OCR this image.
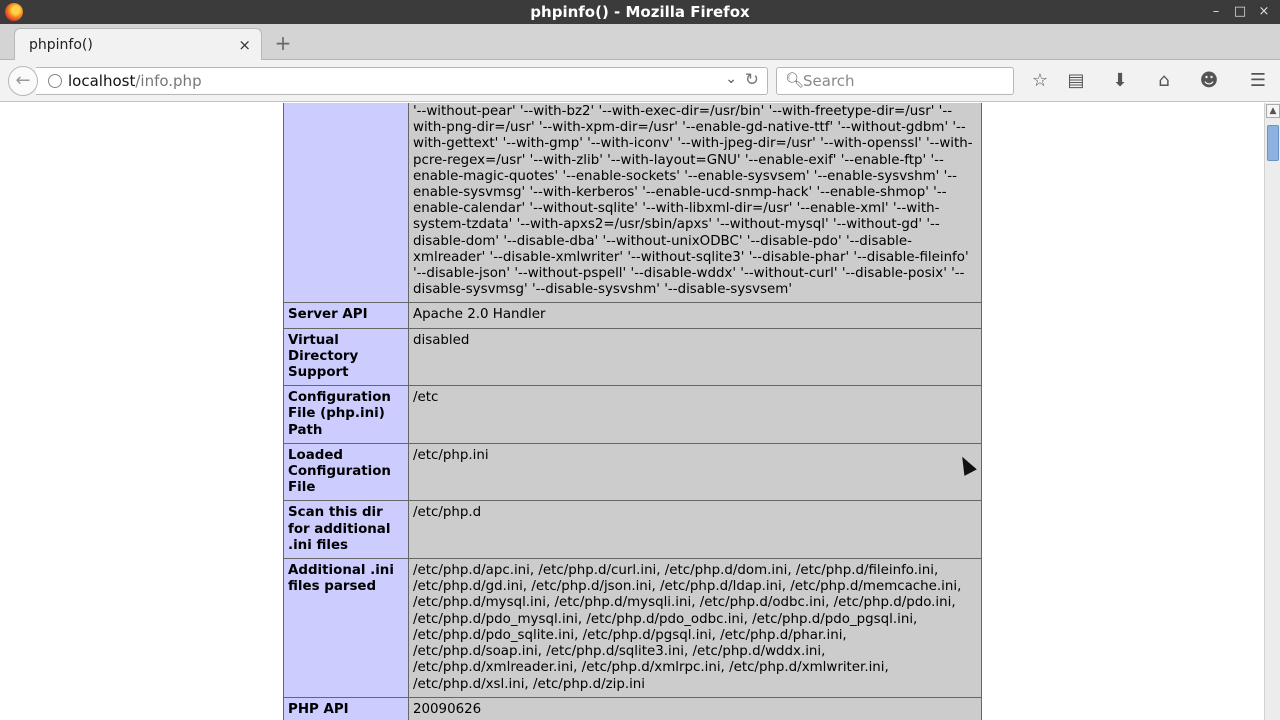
phpinfo() - Mozilla Firefox	–	□ ×
phpinfo()	× +
localhost/info.php	⌄ ↻
←	🔍︎
Search	☆ ▤ ⬇	⌂	☻ ☰
	'--without-pear' '--with-bz2' '--with-exec-dir=/usr/bin' '--with-freetype-dir=/usr' '--with-png-dir=/usr' '--with-xpm-dir=/usr' '--enable-gd-native-ttf' '--without-gdbm' '--with-gettext' '--with-gmp' '--with-iconv' '--with-jpeg-dir=/usr' '--with-openssl' '--with-pcre-regex=/usr' '--with-zlib' '--with-layout=GNU' '--enable-exif' '--enable-ftp' '--enable-magic-quotes' '--enable-sockets' '--enable-sysvsem' '--enable-sysvshm' '--enable-sysvmsg' '--with-kerberos' '--enable-ucd-snmp-hack' '--enable-shmop' '--enable-calendar' '--without-sqlite' '--with-libxml-dir=/usr' '--enable-xml' '--with-system-tzdata' '--with-apxs2=/usr/sbin/apxs' '--without-mysql' '--without-gd' '--disable-dom' '--disable-dba' '--without-unixODBC' '--disable-pdo' '--disable-xmlreader' '--disable-xmlwriter' '--without-sqlite3' '--disable-phar' '--disable-fileinfo' '--disable-json' '--without-pspell' '--disable-wddx' '--without-curl' '--disable-posix' '--disable-sysvmsg' '--disable-sysvshm' '--disable-sysvsem'
Server API	Apache 2.0 Handler
Virtual Directory Support	disabled
Configuration File (php.ini) Path	/etc
Loaded Configuration File	/etc/php.ini
Scan this dir for additional .ini files	/etc/php.d
Additional .ini files parsed	/etc/php.d/apc.ini, /etc/php.d/curl.ini, /etc/php.d/dom.ini, /etc/php.d/fileinfo.ini, /etc/php.d/gd.ini, /etc/php.d/json.ini, /etc/php.d/ldap.ini, /etc/php.d/memcache.ini, /etc/php.d/mysql.ini, /etc/php.d/mysqli.ini, /etc/php.d/odbc.ini, /etc/php.d/pdo.ini, /etc/php.d/pdo_mysql.ini, /etc/php.d/pdo_odbc.ini, /etc/php.d/pdo_pgsql.ini, /etc/php.d/pdo_sqlite.ini, /etc/php.d/pgsql.ini, /etc/php.d/phar.ini, /etc/php.d/soap.ini, /etc/php.d/sqlite3.ini, /etc/php.d/wddx.ini, /etc/php.d/xmlreader.ini, /etc/php.d/xmlrpc.ini, /etc/php.d/xmlwriter.ini, /etc/php.d/xsl.ini, /etc/php.d/zip.ini
PHP API	20090626
▲
